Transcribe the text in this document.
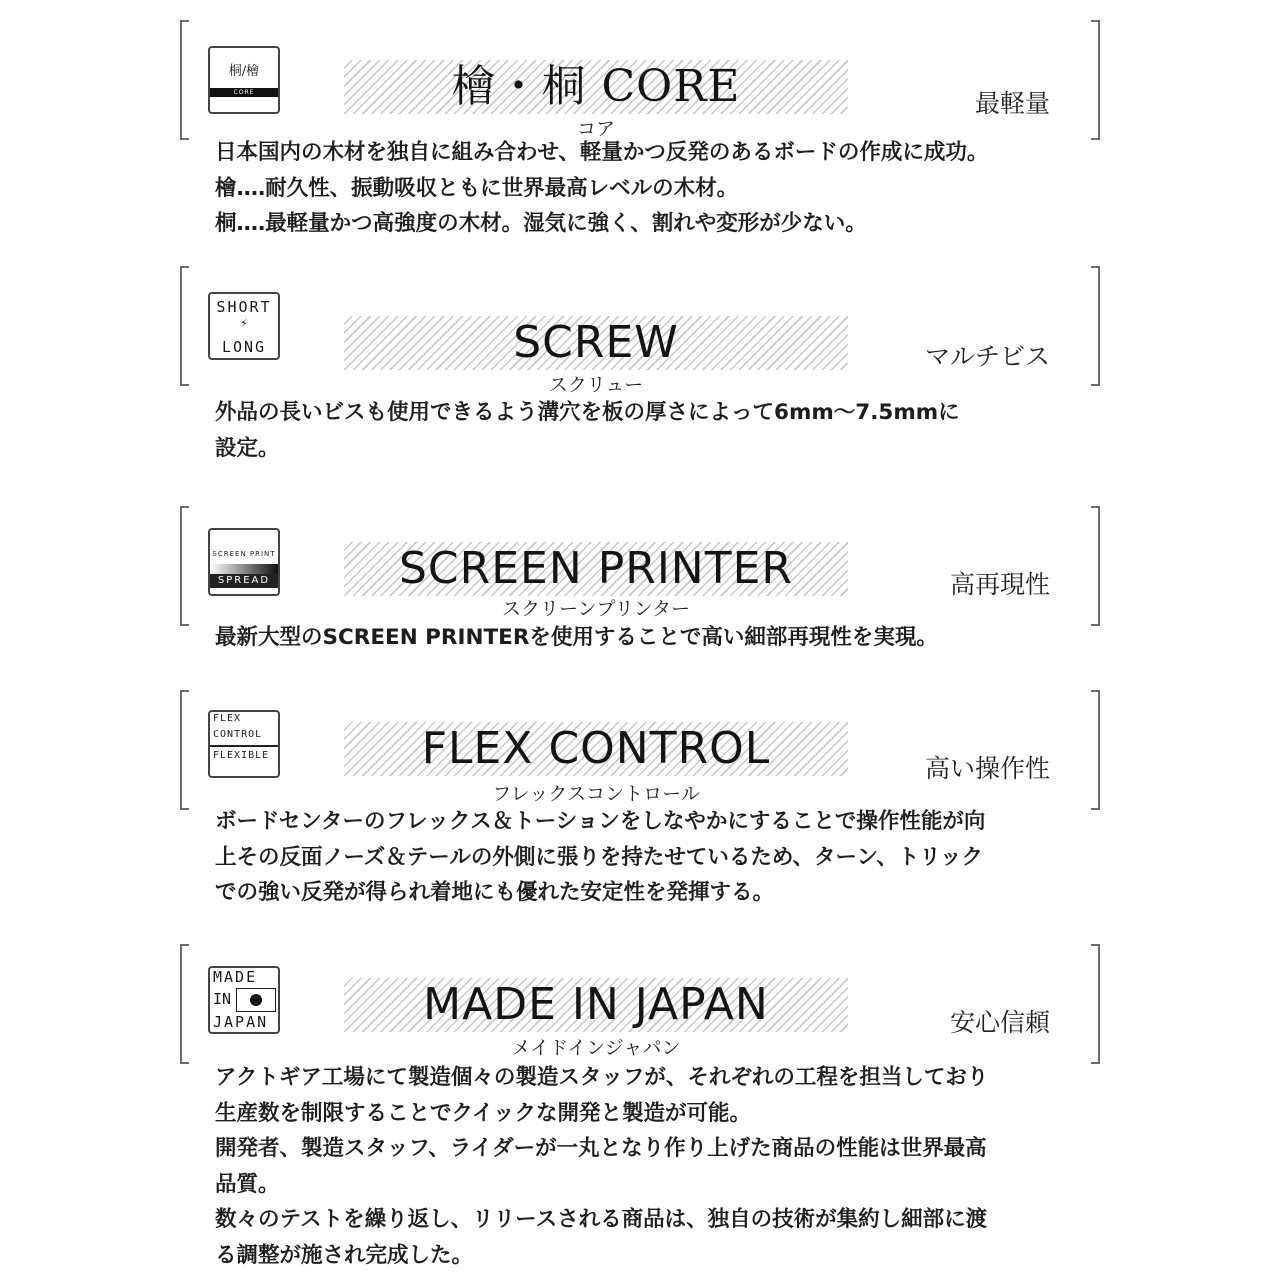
桐/檜
CORE	檜・桐 CORE
コア
最軽量

日本国内の木材を独自に組み合わせ、軽量かつ反発のあるボードの作成に成功。

檜‥‥耐久性、振動吸収ともに世界最高レベルの木材。

桐‥‥最軽量かつ高強度の木材。湿気に強く、割れや変形が少ない。

SHORT
⚡
LONG	SCREW
スクリュー
マルチビス

外品の長いビスも使用できるよう溝穴を板の厚さによって6mm〜7.5mmに

設定。

SCREEN PRINT
SPREAD	SCREEN PRINTER
スクリーンプリンター
高再現性

最新大型のSCREEN PRINTERを使用することで高い細部再現性を実現。

FLEX
CONTROL
FLEXIBLE	FLEX CONTROL
フレックスコントロール
高い操作性

ボードセンターのフレックス＆トーションをしなやかにすることで操作性能が向

上その反面ノーズ＆テールの外側に張りを持たせているため、ターン、トリック

での強い反発が得られ着地にも優れた安定性を発揮する。

MADE
IN
JAPAN	MADE IN JAPAN
メイドインジャパン
安心信頼

アクトギア工場にて製造個々の製造スタッフが、それぞれの工程を担当しており

生産数を制限することでクイックな開発と製造が可能。

開発者、製造スタッフ、ライダーが一丸となり作り上げた商品の性能は世界最高

品質。

数々のテストを繰り返し、リリースされる商品は、独自の技術が集約し細部に渡

る調整が施され完成した。
